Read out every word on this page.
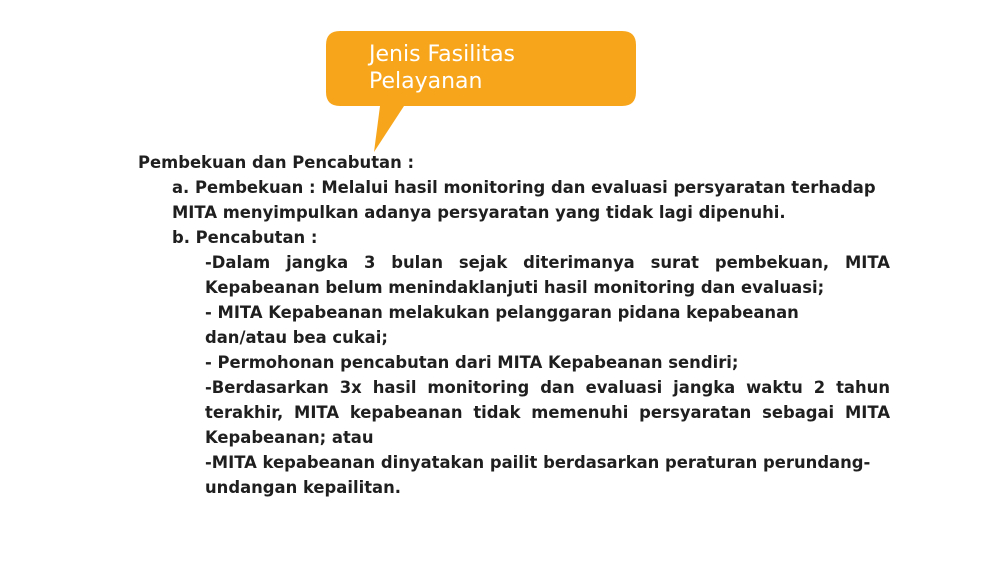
Jenis Fasilitas
Pelayanan

Pembekuan dan Pencabutan :

a. Pembekuan : Melalui hasil monitoring dan evaluasi persyaratan terhadap MITA menyimpulkan adanya persyaratan yang tidak lagi dipenuhi.

b. Pencabutan :

-Dalam jangka 3 bulan sejak diterimanya surat pembekuan, MITA Kepabeanan belum menindaklanjuti hasil monitoring dan evaluasi;

- MITA Kepabeanan melakukan pelanggaran pidana kepabeanan dan/atau bea cukai;

- Permohonan pencabutan dari MITA Kepabeanan sendiri;

-Berdasarkan 3x hasil monitoring dan evaluasi jangka waktu 2 tahun terakhir, MITA kepabeanan tidak memenuhi persyaratan sebagai MITA Kepabeanan; atau

-MITA kepabeanan dinyatakan pailit berdasarkan peraturan perundang-undangan kepailitan.
